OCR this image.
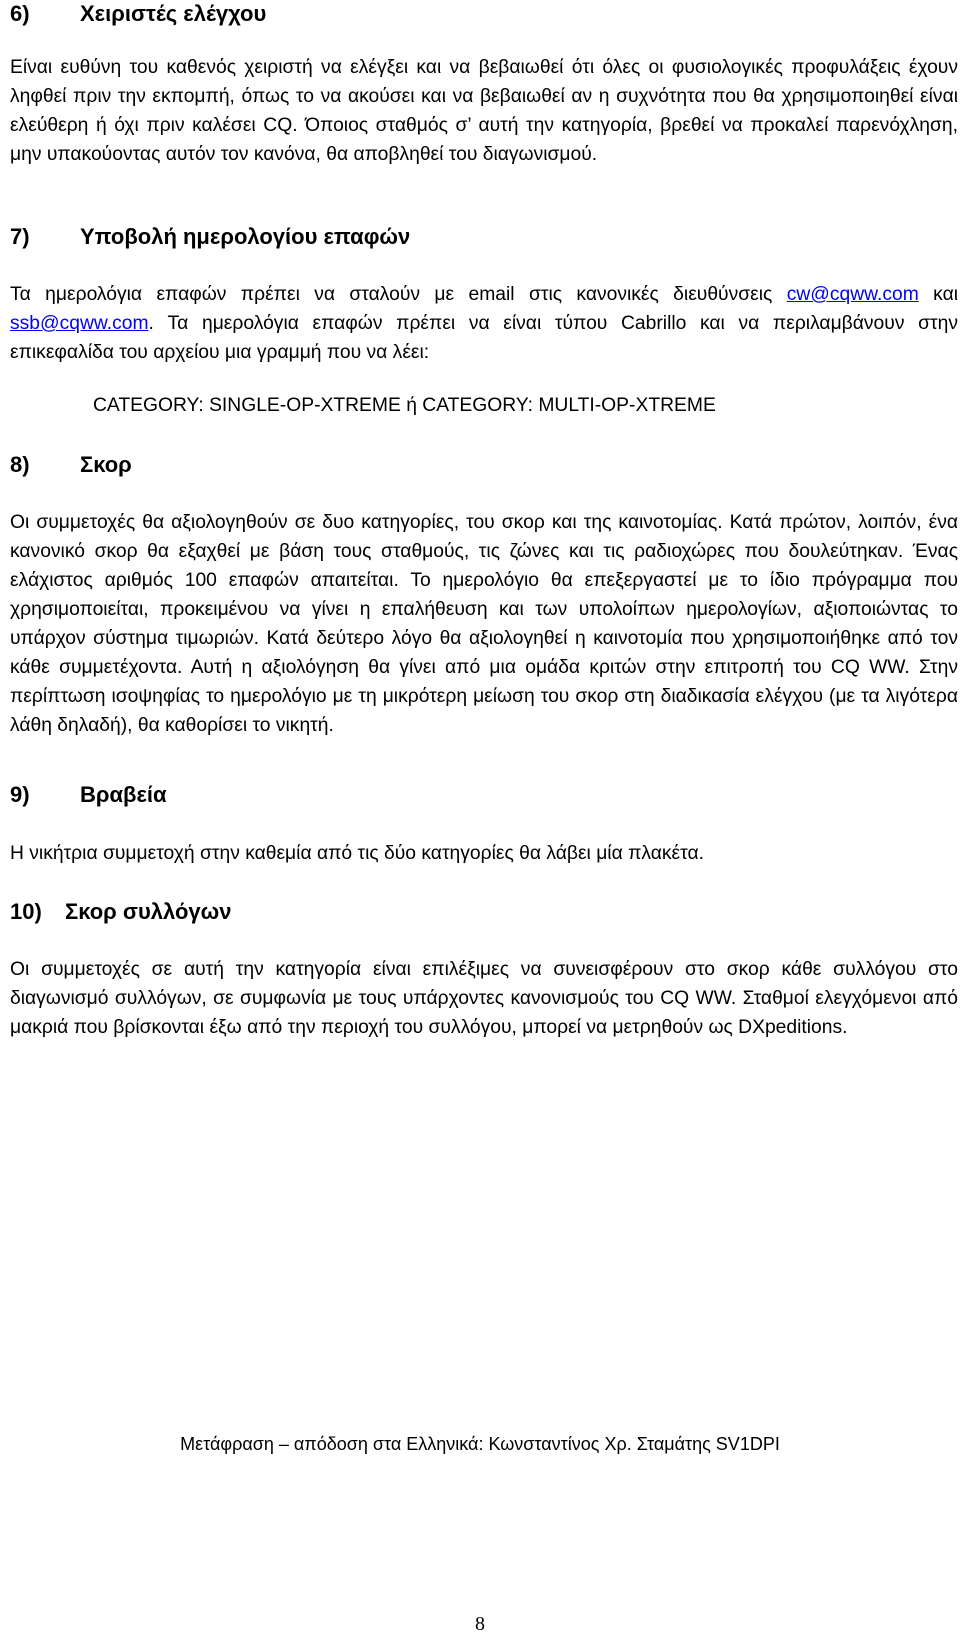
6)	Χειριστές ελέγχου

Είναι ευθύνη του καθενός χειριστή να ελέγξει και να βεβαιωθεί ότι όλες οι φυσιολογικές προφυλάξεις έχουν ληφθεί πριν την εκπομπή, όπως το να ακούσει και να βεβαιωθεί αν η συχνότητα που θα χρησιμοποιηθεί είναι ελεύθερη ή όχι πριν καλέσει CQ. Όποιος σταθμός σ’ αυτή την κατηγορία, βρεθεί να προκαλεί παρενόχληση, μην υπακούοντας αυτόν τον κανόνα, θα αποβληθεί του διαγωνισμού.

7)	Υποβολή ημερολογίου επαφών

Τα ημερολόγια επαφών πρέπει να σταλούν με email στις κανονικές διευθύνσεις cw@cqww.com και ssb@cqww.com. Τα ημερολόγια επαφών πρέπει να είναι τύπου Cabrillo και να περιλαμβάνουν στην επικεφαλίδα του αρχείου μια γραμμή που να λέει:

CATEGORY: SINGLE-OP-XTREME ή CATEGORY: MULTI-OP-XTREME

8)	Σκορ

Οι συμμετοχές θα αξιολογηθούν σε δυο κατηγορίες, του σκορ και της καινοτομίας. Κατά πρώτον, λοιπόν, ένα κανονικό σκορ θα εξαχθεί με βάση τους σταθμούς, τις ζώνες και τις ραδιοχώρες που δουλεύτηκαν. Ένας ελάχιστος αριθμός 100 επαφών απαιτείται. Το ημερολόγιο θα επεξεργαστεί με το ίδιο πρόγραμμα που χρησιμοποιείται, προκειμένου να γίνει η επαλήθευση και των υπολοίπων ημερολογίων, αξιοποιώντας το υπάρχον σύστημα τιμωριών. Κατά δεύτερο λόγο θα αξιολογηθεί η καινοτομία που χρησιμοποιήθηκε από τον κάθε συμμετέχοντα. Αυτή η αξιολόγηση θα γίνει από μια ομάδα κριτών στην επιτροπή του CQ WW. Στην περίπτωση ισοψηφίας το ημερολόγιο με τη μικρότερη μείωση του σκορ στη διαδικασία ελέγχου (με τα λιγότερα λάθη δηλαδή), θα καθορίσει το νικητή.

9)	Βραβεία

Η νικήτρια συμμετοχή στην καθεμία από τις δύο κατηγορίες θα λάβει μία πλακέτα.

10)	Σκορ συλλόγων

Οι συμμετοχές σε αυτή την κατηγορία είναι επιλέξιμες να συνεισφέρουν στο σκορ κάθε συλλόγου στο διαγωνισμό συλλόγων, σε συμφωνία με τους υπάρχοντες κανονισμούς του CQ WW. Σταθμοί ελεγχόμενοι από μακριά που βρίσκονται έξω από την περιοχή του συλλόγου, μπορεί να μετρηθούν ως DXpeditions.

Μετάφραση – απόδοση στα Ελληνικά: Κωνσταντίνος Χρ. Σταμάτης SV1DPI
8
